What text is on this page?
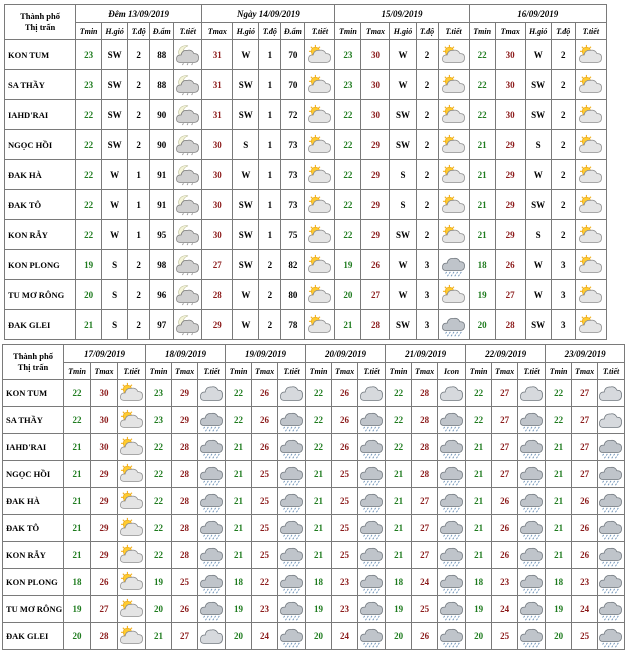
Thành phố
Thị trấn	Đêm 13/09/2019					Ngày 14/09/2019					15/09/2019					16/09/2019				
	Tmin	H.gió	T.độ	Đ.ẩm	T.tiết	Tmax	H.gió	T.độ	Đ.ẩm	T.tiết	Tmin	Tmax	H.gió	T.độ	T.tiết	Tmin	Tmax	H.gió	T.độ	T.tiết
KON TUM	23	SW	2	88		31	W	1	70		23	30	W	2		22	30	W	2	

SA THẦY	23	SW	2	88		31	SW	1	70		23	30	W	2		22	30	SW	2	

IAHD'RAI	22	SW	2	90		31	SW	1	72		22	30	SW	2		22	30	SW	2	

NGỌC HỒI	22	SW	2	90		30	S	1	73		22	29	SW	2		21	29	S	2	

ĐAK HÀ	22	W	1	91		30	W	1	73		22	29	S	2		21	29	W	2	

ĐAK TÔ	22	W	1	91		30	SW	1	73		22	29	S	2		21	29	SW	2	

KON RẪY	22	W	1	95		30	SW	1	75		22	29	SW	2		21	29	S	2	

KON PLONG	19	S	2	98		27	SW	2	82		19	26	W	3		18	26	W	3	

TU MƠ RÔNG	20	S	2	96		28	W	2	80		20	27	W	3		19	27	W	3	

ĐAK GLEI	21	S	2	97		29	W	2	78		21	28	SW	3		20	28	SW	3	
Thành phố
Thị trấn	17/09/2019			18/09/2019			19/09/2019			20/09/2019			21/09/2019			22/09/2019			23/09/2019		
	Tmin	Tmax	T.tiết	Tmin	Tmax	T.tiết	Tmin	Tmax	T.tiết	Tmin	Tmax	T.tiết	Tmin	Tmax	Icon	Tmin	Tmax	T.tiết	Tmin	Tmax	T.tiết
KON TUM	22	30		23	29		22	26		22	26		22	28		22	27		22	27	

SA THẦY	22	30		23	29		22	26		22	26		22	28		22	27		22	27	

IAHD'RAI	21	30		22	28		21	26		22	26		22	28		21	27		21	27	

NGỌC HỒI	21	29		22	28		21	25		21	25		21	28		21	27		21	27	

ĐAK HÀ	21	29		22	28		21	25		21	25		21	27		21	26		21	26	

ĐAK TÔ	21	29		22	28		21	25		21	25		21	27		21	26		21	26	

KON RẪY	21	29		22	28		21	25		21	25		21	27		21	26		21	26	

KON PLONG	18	26		19	25		18	22		18	23		18	24		18	23		18	23	

TU MƠ RÔNG	19	27		20	26		19	23		19	23		19	25		19	24		19	24	

ĐAK GLEI	20	28		21	27		20	24		20	24		20	26		20	25		20	25	
